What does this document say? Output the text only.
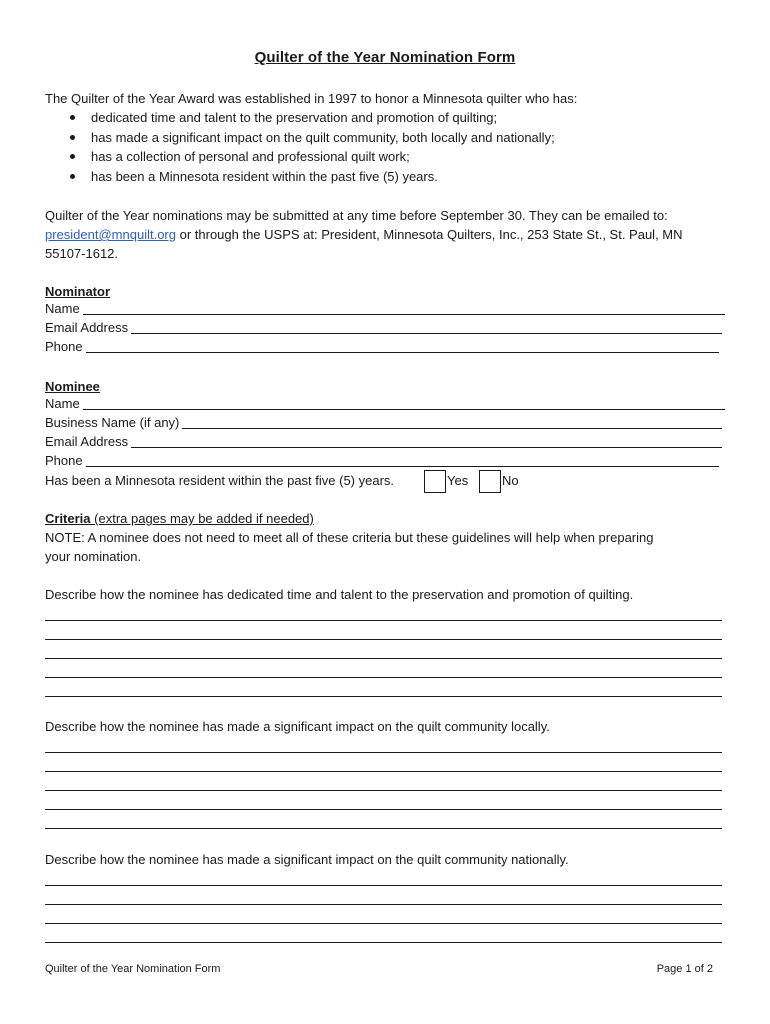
Quilter of the Year Nomination Form
The Quilter of the Year Award was established in 1997 to honor a Minnesota quilter who has:
dedicated time and talent to the preservation and promotion of quilting;
has made a significant impact on the quilt community, both locally and nationally;
has a collection of personal and professional quilt work;
has been a Minnesota resident within the past five (5) years.
Quilter of the Year nominations may be submitted at any time before September 30. They can be emailed to:
president@mnquilt.org or through the USPS at: President, Minnesota Quilters, Inc., 253 State St., St. Paul, MN
55107-1612.
Nominator
Name
Email Address
Phone
Nominee
Name
Business Name (if any)
Email Address
Phone
Has been a Minnesota resident within the past five (5) years.	Yes	No
Criteria (extra pages may be added if needed)
NOTE: A nominee does not need to meet all of these criteria but these guidelines will help when preparing
your nomination.
Describe how the nominee has dedicated time and talent to the preservation and promotion of quilting.
Describe how the nominee has made a significant impact on the quilt community locally.
Describe how the nominee has made a significant impact on the quilt community nationally.
Quilter of the Year Nomination Form	Page 1 of 2
